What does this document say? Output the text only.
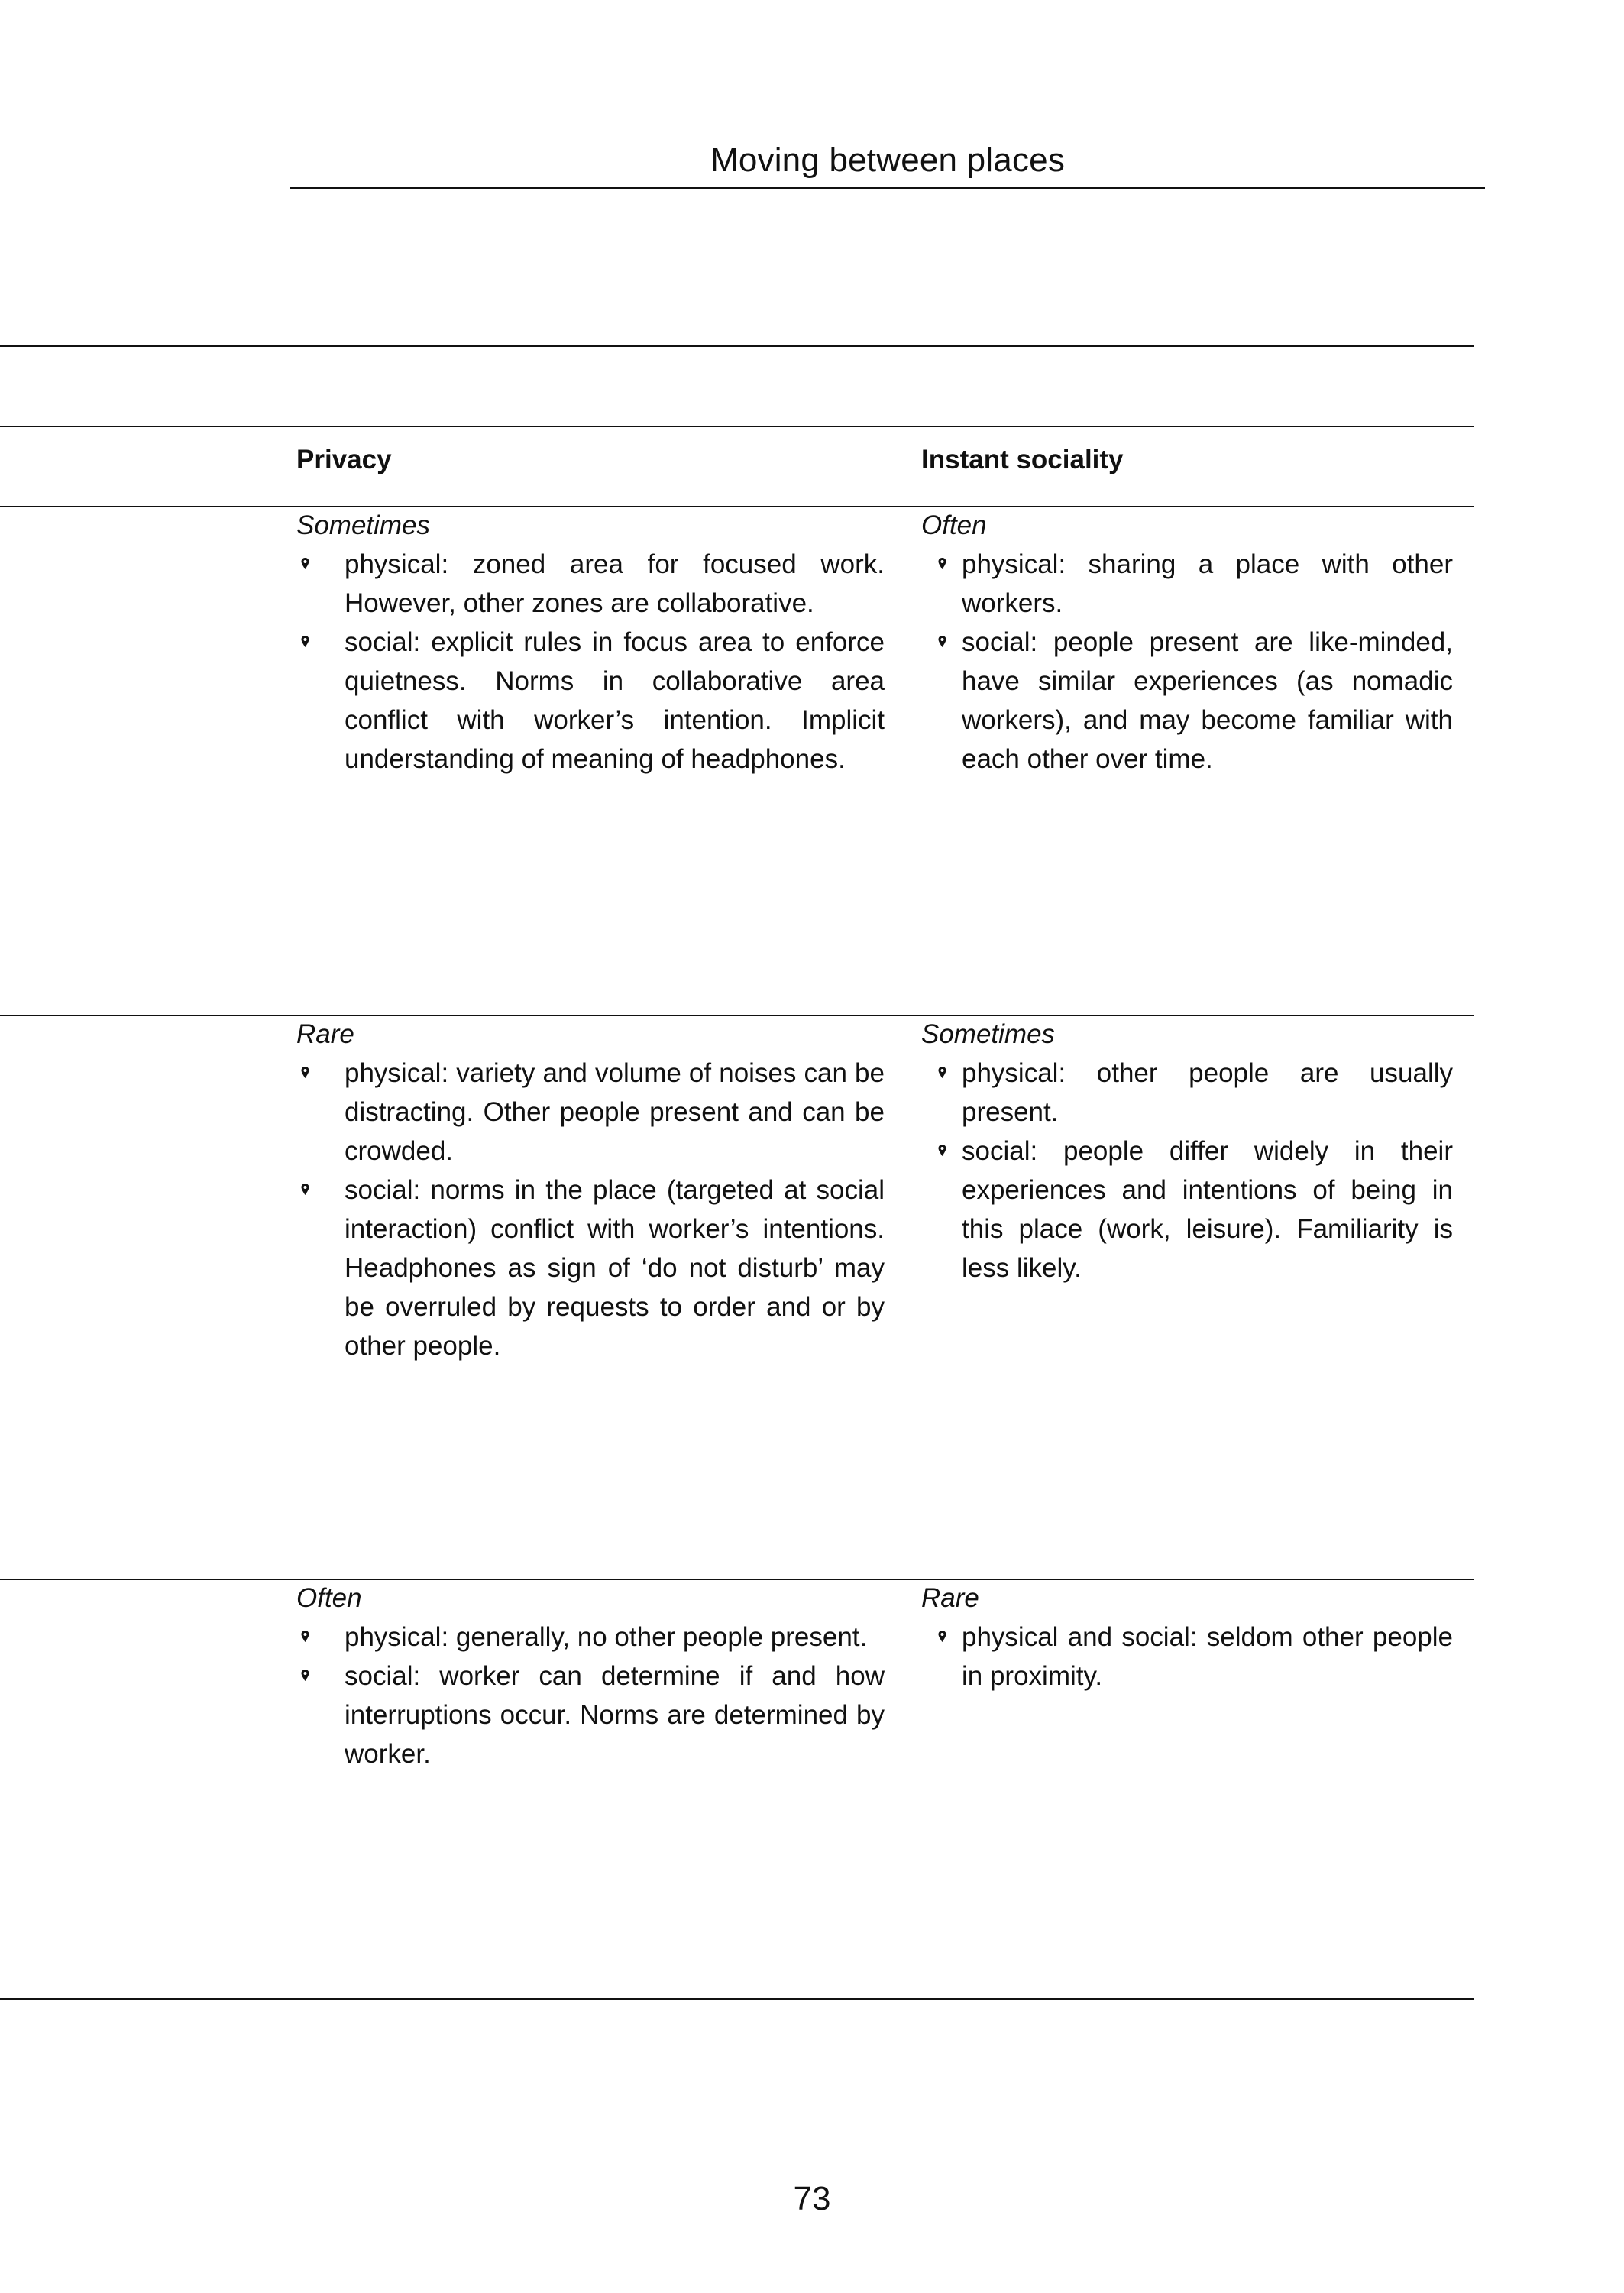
Moving between places
Privacy	Instant sociality
Sometimes
physical: zoned area for focused work. However, other zones are collaborative.
social: explicit rules in focus area to enforce quietness. Norms in collaborative area conflict with worker’s intention. Implicit understanding of meaning of headphones.
Often
physical: sharing a place with other workers.
social: people present are like-minded, have similar experiences (as nomadic workers), and may become familiar with each other over time.
Rare
physical: variety and volume of noises can be distracting. Other people present and can be crowded.
social: norms in the place (targeted at social interaction) conflict with worker’s intentions. Headphones as sign of ‘do not disturb’ may be overruled by requests to order and or by other people.
Sometimes
physical: other people are usually present.
social: people differ widely in their experiences and intentions of being in this place (work, leisure). Familiarity is less likely.
Often
physical: generally, no other people present.
social: worker can determine if and how interruptions occur. Norms are determined by worker.
Rare
physical and social: seldom other people in proximity.
73
